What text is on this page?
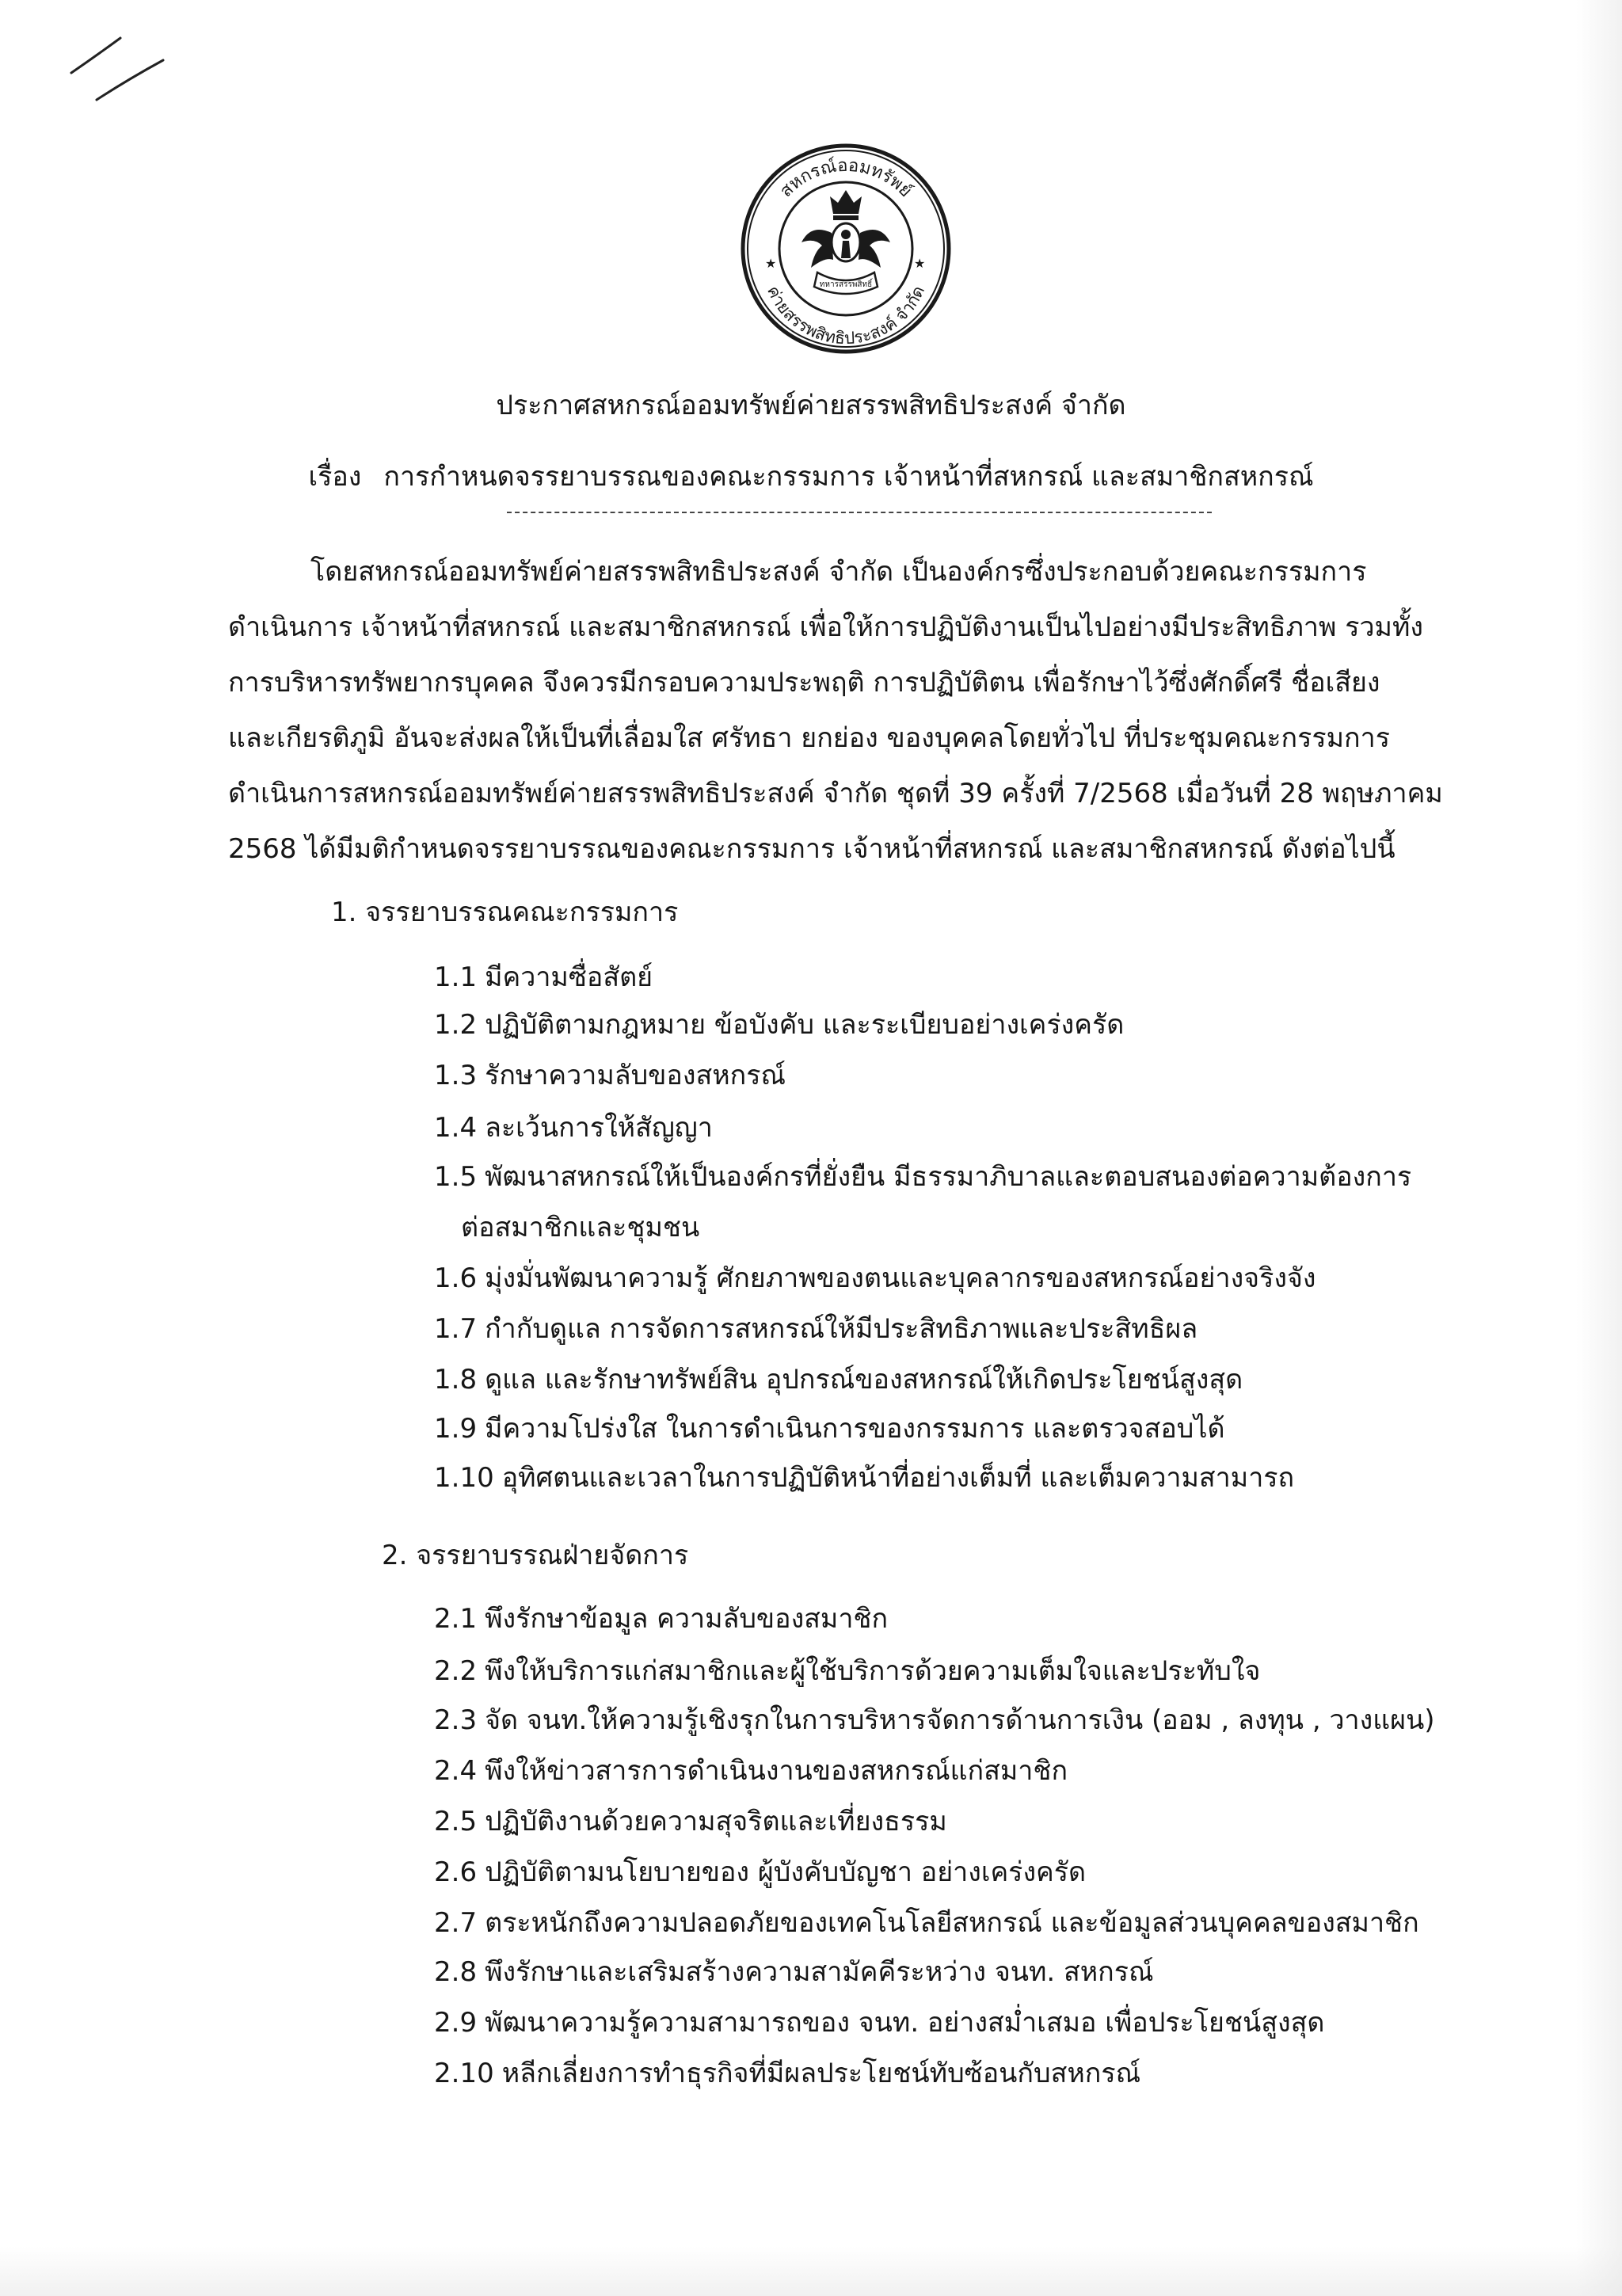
สหกรณ์ออมทรัพย์
ค่ายสรรพสิทธิประสงค์ จำกัด
ทหารสรรพสิทธิ์
★	★
ประกาศสหกรณ์ออมทรัพย์ค่ายสรรพสิทธิประสงค์ จำกัด
เรื่อง การกำหนดจรรยาบรรณของคณะกรรมการ เจ้าหน้าที่สหกรณ์ และสมาชิกสหกรณ์
โดยสหกรณ์ออมทรัพย์ค่ายสรรพสิทธิประสงค์ จำกัด เป็นองค์กรซึ่งประกอบด้วยคณะกรรมการ
ดำเนินการ เจ้าหน้าที่สหกรณ์ และสมาชิกสหกรณ์ เพื่อให้การปฏิบัติงานเป็นไปอย่างมีประสิทธิภาพ รวมทั้ง
การบริหารทรัพยากรบุคคล จึงควรมีกรอบความประพฤติ การปฏิบัติตน เพื่อรักษาไว้ซึ่งศักดิ์ศรี ชื่อเสียง
และเกียรติภูมิ อันจะส่งผลให้เป็นที่เลื่อมใส ศรัทธา ยกย่อง ของบุคคลโดยทั่วไป ที่ประชุมคณะกรรมการ
ดำเนินการสหกรณ์ออมทรัพย์ค่ายสรรพสิทธิประสงค์ จำกัด ชุดที่ 39 ครั้งที่ 7/2568 เมื่อวันที่ 28 พฤษภาคม
2568 ได้มีมติกำหนดจรรยาบรรณของคณะกรรมการ เจ้าหน้าที่สหกรณ์ และสมาชิกสหกรณ์ ดังต่อไปนี้
1. จรรยาบรรณคณะกรรมการ
1.1 มีความซื่อสัตย์
1.2 ปฏิบัติตามกฎหมาย ข้อบังคับ และระเบียบอย่างเคร่งครัด
1.3 รักษาความลับของสหกรณ์
1.4 ละเว้นการให้สัญญา
1.5 พัฒนาสหกรณ์ให้เป็นองค์กรที่ยั่งยืน มีธรรมาภิบาลและตอบสนองต่อความต้องการ
ต่อสมาชิกและชุมชน
1.6 มุ่งมั่นพัฒนาความรู้ ศักยภาพของตนและบุคลากรของสหกรณ์อย่างจริงจัง
1.7 กำกับดูแล การจัดการสหกรณ์ให้มีประสิทธิภาพและประสิทธิผล
1.8 ดูแล และรักษาทรัพย์สิน อุปกรณ์ของสหกรณ์ให้เกิดประโยชน์สูงสุด
1.9 มีความโปร่งใส ในการดำเนินการของกรรมการ และตรวจสอบได้
1.10 อุทิศตนและเวลาในการปฏิบัติหน้าที่อย่างเต็มที่ และเต็มความสามารถ
2. จรรยาบรรณฝ่ายจัดการ
2.1 พึงรักษาข้อมูล ความลับของสมาชิก
2.2 พึงให้บริการแก่สมาชิกและผู้ใช้บริการด้วยความเต็มใจและประทับใจ
2.3 จัด จนท.ให้ความรู้เชิงรุกในการบริหารจัดการด้านการเงิน (ออม , ลงทุน , วางแผน)
2.4 พึงให้ข่าวสารการดำเนินงานของสหกรณ์แก่สมาชิก
2.5 ปฏิบัติงานด้วยความสุจริตและเที่ยงธรรม
2.6 ปฏิบัติตามนโยบายของ ผู้บังคับบัญชา อย่างเคร่งครัด
2.7 ตระหนักถึงความปลอดภัยของเทคโนโลยีสหกรณ์ และข้อมูลส่วนบุคคลของสมาชิก
2.8 พึงรักษาและเสริมสร้างความสามัคคีระหว่าง จนท. สหกรณ์
2.9 พัฒนาความรู้ความสามารถของ จนท. อย่างสม่ำเสมอ เพื่อประโยชน์สูงสุด
2.10 หลีกเลี่ยงการทำธุรกิจที่มีผลประโยชน์ทับซ้อนกับสหกรณ์
